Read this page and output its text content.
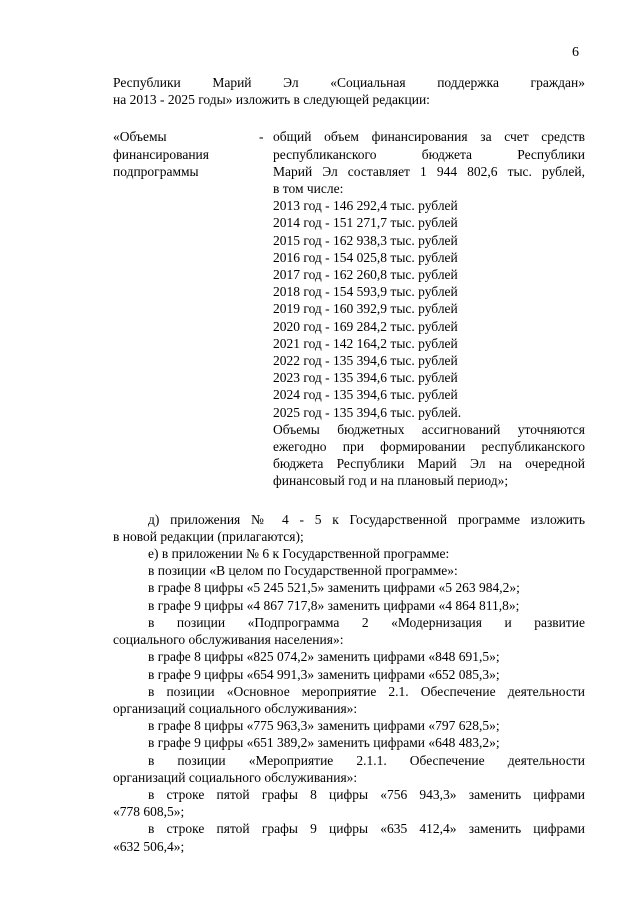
6
Республики Марий Эл «Социальная поддержка граждан»
на 2013 - 2025 годы» изложить в следующей редакции:
«Объемы
финансирования
подпрограммы
- общий объем финансирования за счет средств
республиканского бюджета Республики
Марий Эл составляет 1 944 802,6 тыс. рублей,
в том числе:
2013 год - 146 292,4 тыс. рублей
2014 год - 151 271,7 тыс. рублей
2015 год - 162 938,3 тыс. рублей
2016 год - 154 025,8 тыс. рублей
2017 год - 162 260,8 тыс. рублей
2018 год - 154 593,9 тыс. рублей
2019 год - 160 392,9 тыс. рублей
2020 год - 169 284,2 тыс. рублей
2021 год - 142 164,2 тыс. рублей
2022 год - 135 394,6 тыс. рублей
2023 год - 135 394,6 тыс. рублей
2024 год - 135 394,6 тыс. рублей
2025 год - 135 394,6 тыс. рублей.
Объемы бюджетных ассигнований уточняются
ежегодно при формировании республиканского
бюджета Республики Марий Эл на очередной
финансовый год и на плановый период»;
д) приложения № 4 - 5 к Государственной программе изложить
в новой редакции (прилагаются);
е) в приложении № 6 к Государственной программе:
в позиции «В целом по Государственной программе»:
в графе 8 цифры «5 245 521,5» заменить цифрами «5 263 984,2»;
в графе 9 цифры «4 867 717,8» заменить цифрами «4 864 811,8»;
в позиции «Подпрограмма 2 «Модернизация и развитие
социального обслуживания населения»:
в графе 8 цифры «825 074,2» заменить цифрами «848 691,5»;
в графе 9 цифры «654 991,3» заменить цифрами «652 085,3»;
в позиции «Основное мероприятие 2.1. Обеспечение деятельности
организаций социального обслуживания»:
в графе 8 цифры «775 963,3» заменить цифрами «797 628,5»;
в графе 9 цифры «651 389,2» заменить цифрами «648 483,2»;
в позиции «Мероприятие 2.1.1. Обеспечение деятельности
организаций социального обслуживания»:
в строке пятой графы 8 цифры «756 943,3» заменить цифрами
«778 608,5»;
в строке пятой графы 9 цифры «635 412,4» заменить цифрами
«632 506,4»;
